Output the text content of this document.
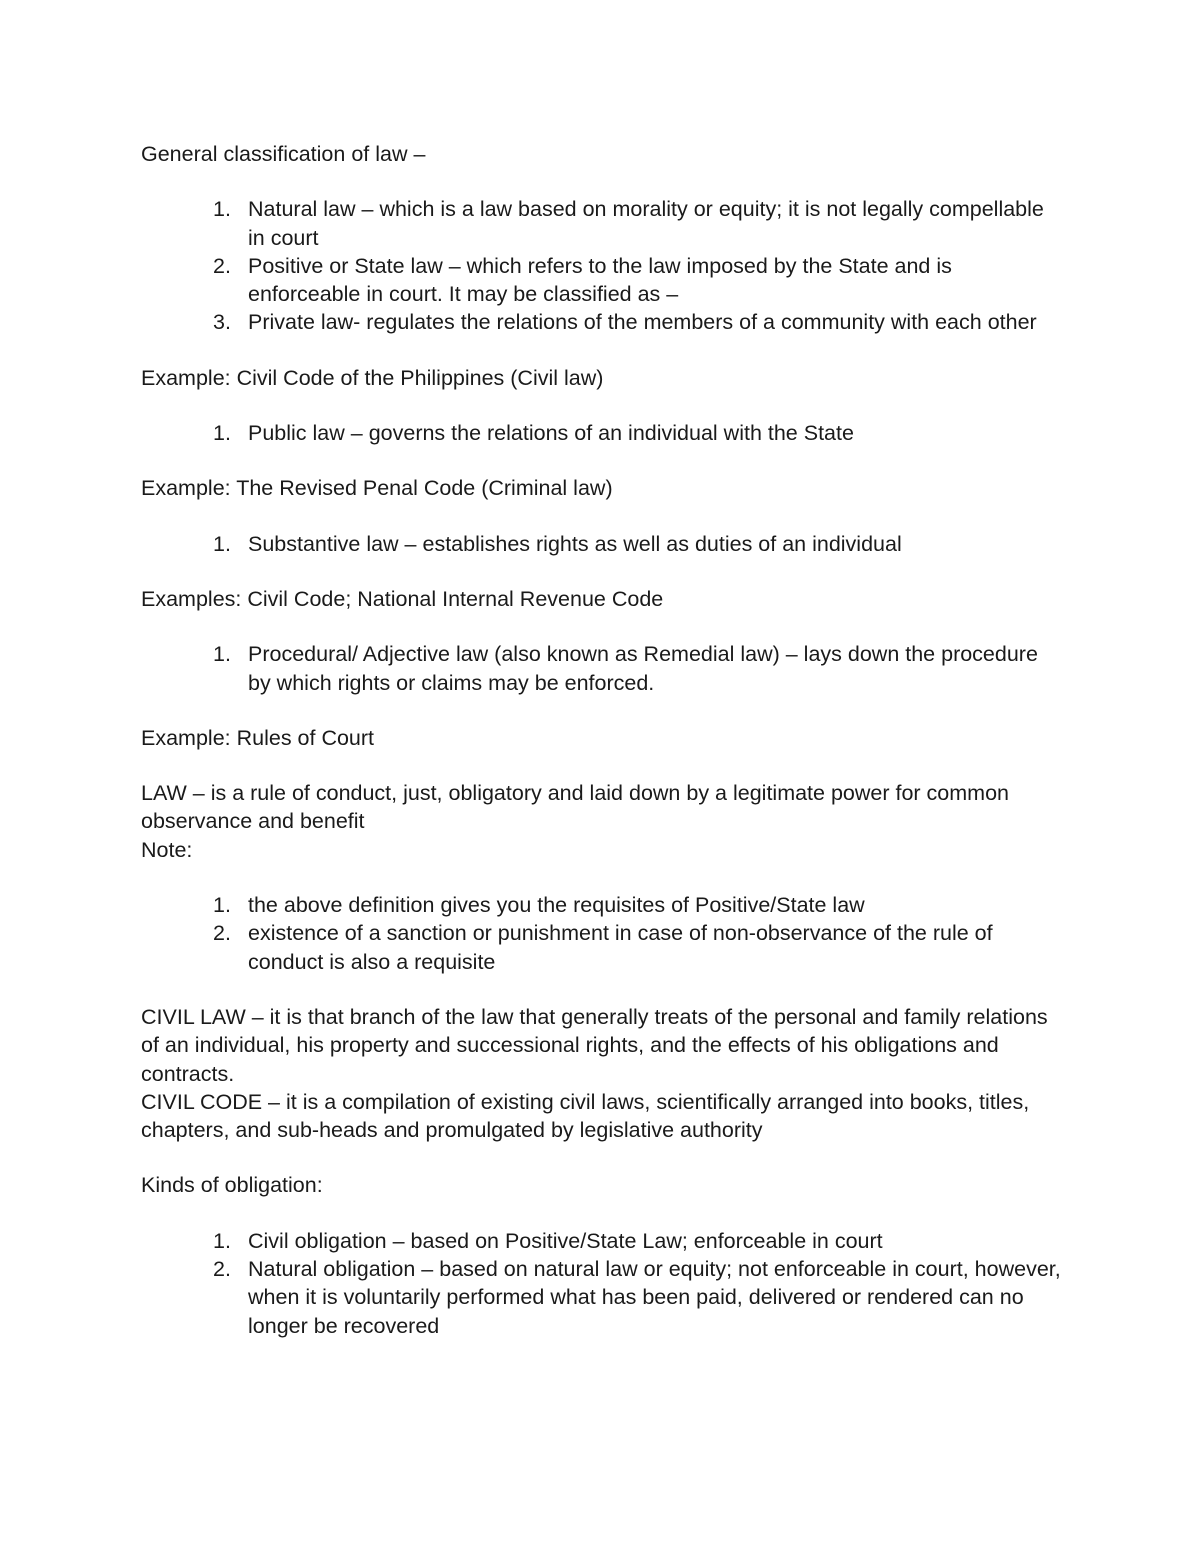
General classification of law –

1. Natural law – which is a law based on morality or equity; it is not legally compellable in court
2. Positive or State law – which refers to the law imposed by the State and is enforceable in court. It may be classified as –
3. Private law- regulates the relations of the members of a community with each other

Example: Civil Code of the Philippines (Civil law)

1. Public law – governs the relations of an individual with the State

Example: The Revised Penal Code (Criminal law)

1. Substantive law – establishes rights as well as duties of an individual

Examples: Civil Code; National Internal Revenue Code

1. Procedural/ Adjective law (also known as Remedial law) – lays down the procedure by which rights or claims may be enforced.

Example: Rules of Court

LAW – is a rule of conduct, just, obligatory and laid down by a legitimate power for common observance and benefit

Note:

1. the above definition gives you the requisites of Positive/State law
2. existence of a sanction or punishment in case of non-observance of the rule of conduct is also a requisite

CIVIL LAW – it is that branch of the law that generally treats of the personal and family relations of an individual, his property and successional rights, and the effects of his obligations and contracts.

CIVIL CODE – it is a compilation of existing civil laws, scientifically arranged into books, titles, chapters, and sub-heads and promulgated by legislative authority

Kinds of obligation:

1. Civil obligation – based on Positive/State Law; enforceable in court
2. Natural obligation – based on natural law or equity; not enforceable in court, however, when it is voluntarily performed what has been paid, delivered or rendered can no longer be recovered
